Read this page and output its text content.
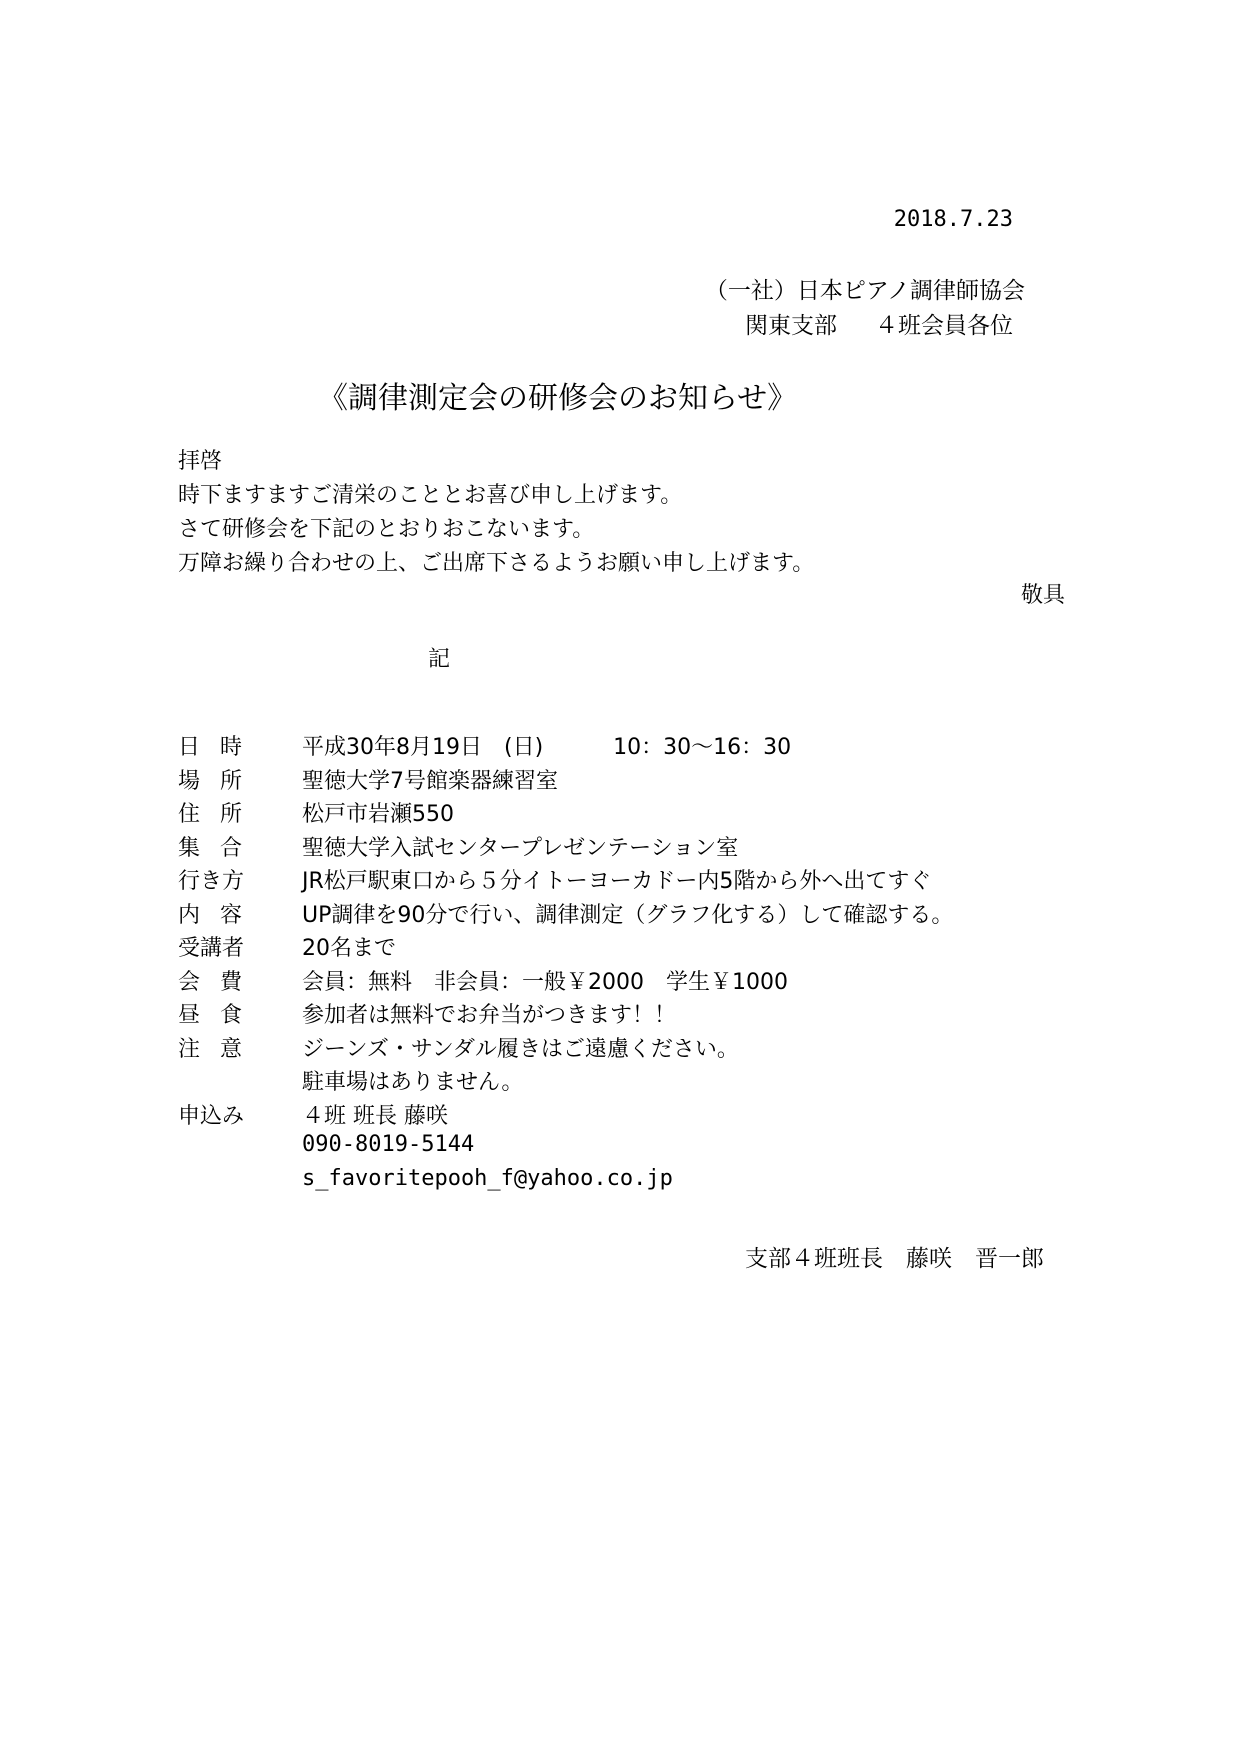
2018.7.23
（一社）日本ピアノ調律師協会
関東支部 ４班会員各位
《調律測定会の研修会のお知らせ》
拝啓
時下ますますご清栄のこととお喜び申し上げます。
さて研修会を下記のとおりおこないます。
万障お繰り合わせの上、ご出席下さるようお願い申し上げます。
敬具
記
日時	平成30年8月19日　(日)	10：30～16：30
場所	聖徳大学7号館楽器練習室
住所	松戸市岩瀬550
集合	聖徳大学入試センタープレゼンテーション室
行き方	JR松戸駅東口から５分イトーヨーカドー内5階から外へ出てすぐ
内容	UP調律を90分で行い、調律測定（グラフ化する）して確認する。
受講者	20名まで
会費	会員：無料　非会員：一般￥2000　学生￥1000
昼食	参加者は無料でお弁当がつきます！！
注意	ジーンズ・サンダル履きはご遠慮ください。
駐車場はありません。
申込み	４班 班長 藤咲
090-8019-5144
s_favoritepooh_f@yahoo.co.jp
支部４班班長　藤咲　晋一郎
